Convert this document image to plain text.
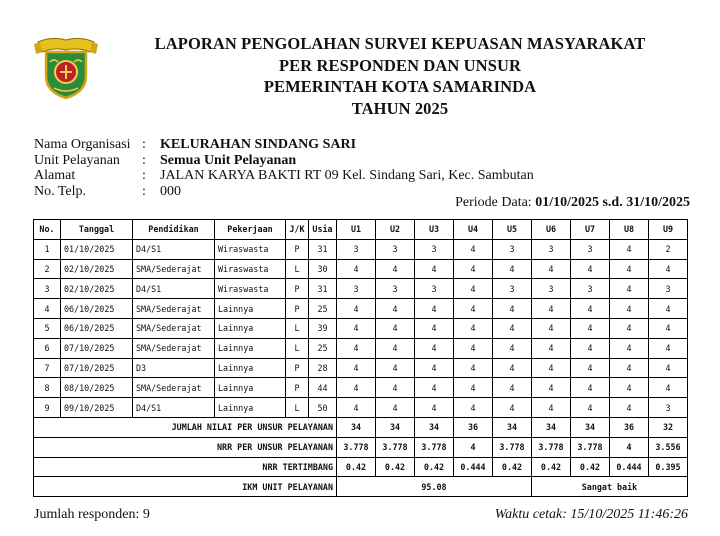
LAPORAN PENGOLAHAN SURVEI KEPUASAN MASYARAKAT
PER RESPONDEN DAN UNSUR
PEMERINTAH KOTA SAMARINDA
TAHUN 2025
Nama Organisasi :	KELURAHAN SINDANG SARI
Unit Pelayanan	:	Semua Unit Pelayanan
Alamat	:	JALAN KARYA BAKTI RT 09 Kel. Sindang Sari, Kec. Sambutan
No. Telp.	:	000
Periode Data: 01/10/2025 s.d. 31/10/2025
No.	Tanggal	Pendidikan	Pekerjaan	J/K	Usia	U1	U2	U3	U4	U5	U6	U7	U8	U9
1	01/10/2025	D4/S1	Wiraswasta	P	31	3	3	3	4	3	3	3	4	2
2	02/10/2025	SMA/Sederajat	Wiraswasta	L	30	4	4	4	4	4	4	4	4	4
3	02/10/2025	D4/S1	Wiraswasta	P	31	3	3	3	4	3	3	3	4	3
4	06/10/2025	SMA/Sederajat	Lainnya	P	25	4	4	4	4	4	4	4	4	4
5	06/10/2025	SMA/Sederajat	Lainnya	L	39	4	4	4	4	4	4	4	4	4
6	07/10/2025	SMA/Sederajat	Lainnya	L	25	4	4	4	4	4	4	4	4	4
7	07/10/2025	D3	Lainnya	P	28	4	4	4	4	4	4	4	4	4
8	08/10/2025	SMA/Sederajat	Lainnya	P	44	4	4	4	4	4	4	4	4	4
9	09/10/2025	D4/S1	Lainnya	L	50	4	4	4	4	4	4	4	4	3
JUMLAH NILAI PER UNSUR PELAYANAN						34	34	34	36	34	34	34	36	32
NRR PER UNSUR PELAYANAN						3.778	3.778	3.778	4	3.778	3.778	3.778	4	3.556
NRR TERTIMBANG						0.42	0.42	0.42	0.444	0.42	0.42	0.42	0.444	0.395
IKM UNIT PELAYANAN						95.08					Sangat baik			
Jumlah responden: 9	Waktu cetak: 15/10/2025 11:46:26
